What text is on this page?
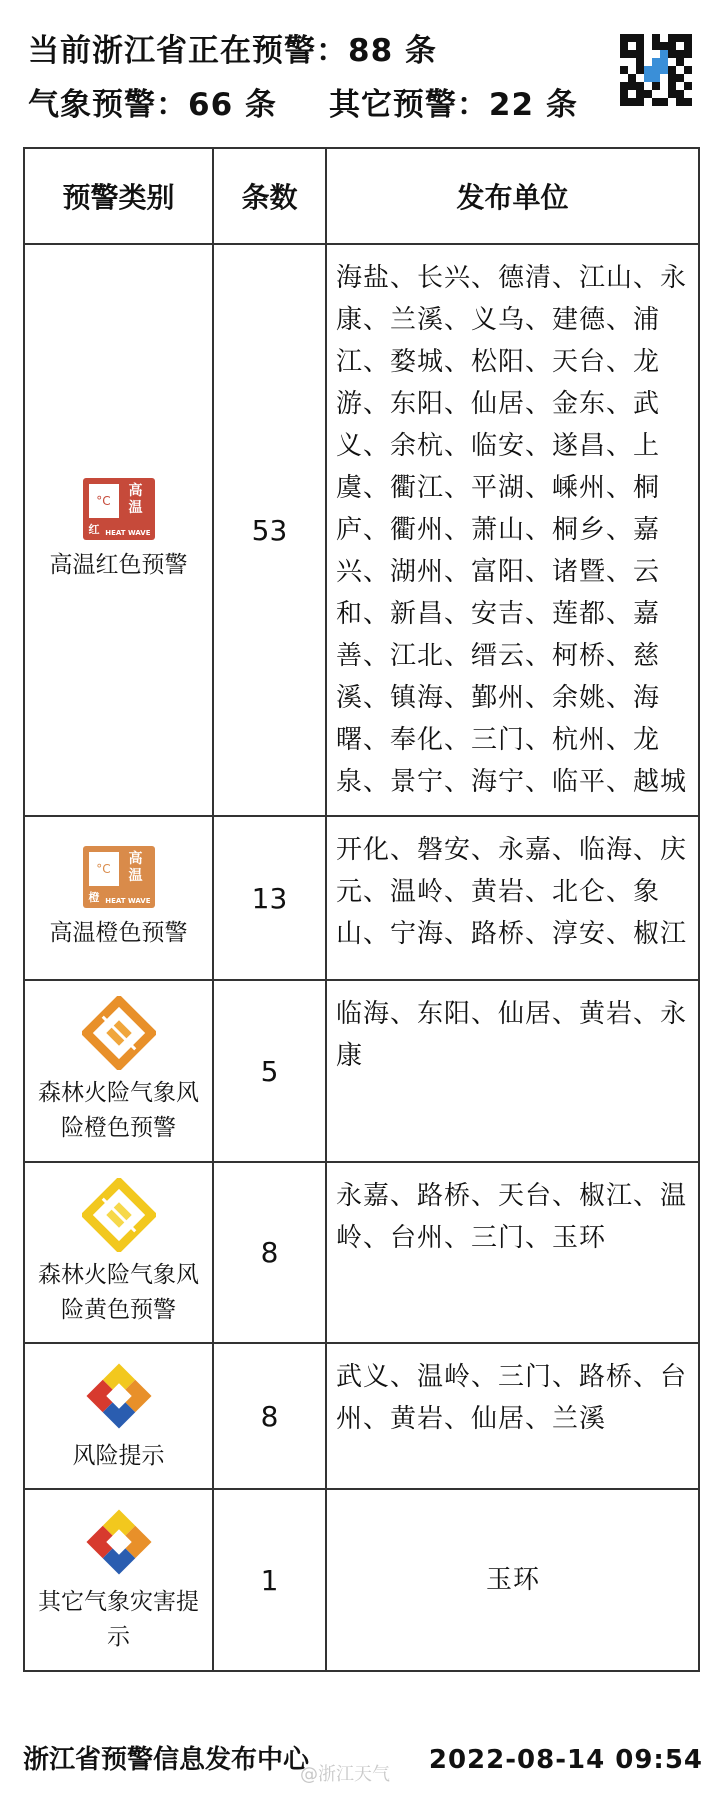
当前浙江省正在预警：88 条
气象预警：66 条 其它预警：22 条
预警类别	条数	发布单位

°C
高温
红 HEAT WAVE
高温红色预警	53	海盐、长兴、德清、江山、永康、兰溪、义乌、建德、浦江、婺城、松阳、天台、龙游、东阳、仙居、金东、武义、余杭、临安、遂昌、上虞、衢江、平湖、嵊州、桐庐、衢州、萧山、桐乡、嘉兴、湖州、富阳、诸暨、云和、新昌、安吉、莲都、嘉善、江北、缙云、柯桥、慈溪、镇海、鄞州、余姚、海曙、奉化、三门、杭州、龙泉、景宁、海宁、临平、越城

°C
高温
橙 HEAT WAVE
高温橙色预警	13	开化、磐安、永嘉、临海、庆元、温岭、黄岩、北仑、象山、宁海、路桥、淳安、椒江

森林火险气象风险橙色预警	5	临海、东阳、仙居、黄岩、永康

森林火险气象风险黄色预警	8	永嘉、路桥、天台、椒江、温岭、台州、三门、玉环

风险提示	8	武义、温岭、三门、路桥、台州、黄岩、仙居、兰溪

其它气象灾害提示	1	玉环
浙江省预警信息发布中心	2022-08-14 09:54
@浙江天气
